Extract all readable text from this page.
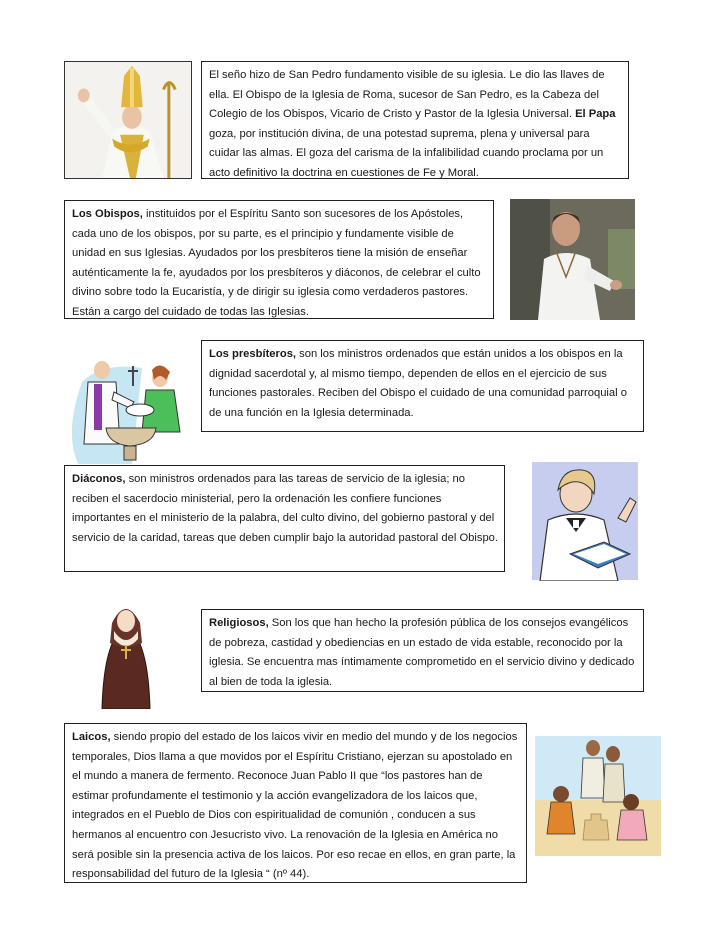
El seño hizo de San Pedro fundamento visible de su iglesia. Le dio las llaves de ella. El Obispo de la Iglesia de Roma, sucesor de San Pedro, es la Cabeza del Colegio de los Obispos, Vicario de Cristo y Pastor de la Iglesia Universal. El Papa goza, por institución divina, de una potestad suprema, plena y universal para cuidar las almas. El goza del carisma de la infalibilidad cuando proclama por un acto definitivo la doctrina en cuestiones de Fe y Moral.
Los Obispos, instituidos por el Espíritu Santo son sucesores de los Apóstoles, cada uno de los obispos, por su parte, es el principio y fundamente visible de unidad en sus Iglesias. Ayudados por los presbíteros tiene la misión de enseñar auténticamente la fe, ayudados por los presbíteros y diáconos, de celebrar el culto divino sobre todo la Eucaristía, y de dirigir su iglesia como verdaderos pastores. Están a cargo del cuidado de todas las Iglesias.
Los presbíteros, son los ministros ordenados que están unidos a los obispos en la dignidad sacerdotal y, al mismo tiempo, dependen de ellos en el ejercicio de sus funciones pastorales. Reciben del Obispo el cuidado de una comunidad parroquial o de una función en la Iglesia determinada.
Diáconos, son ministros ordenados para las tareas de servicio de la iglesia; no reciben el sacerdocio ministerial, pero la ordenación les confiere funciones importantes en el ministerio de la palabra, del culto divino, del gobierno pastoral y del servicio de la caridad, tareas que deben cumplir bajo la autoridad pastoral del Obispo.
Religiosos, Son los que han hecho la profesión pública de los consejos evangélicos de pobreza, castidad y obediencias en un estado de vida estable, reconocido por la iglesia. Se encuentra mas íntimamente comprometido en el servicio divino y dedicado al bien de toda la iglesia.
Laicos, siendo propio del estado de los laicos vivir en medio del mundo y de los negocios temporales, Dios llama a que movidos por el Espíritu Cristiano, ejerzan su apostolado en el mundo a manera de fermento. Reconoce Juan Pablo II que “los pastores han de estimar profundamente el testimonio y la acción evangelizadora de los laicos que, integrados en el Pueblo de Dios con espiritualidad de comunión , conducen a sus hermanos al encuentro con Jesucristo vivo. La renovación de la Iglesia en América no será posible sin la presencia activa de los laicos. Por eso recae en ellos, en gran parte, la responsabilidad del futuro de la Iglesia “ (nº 44).
